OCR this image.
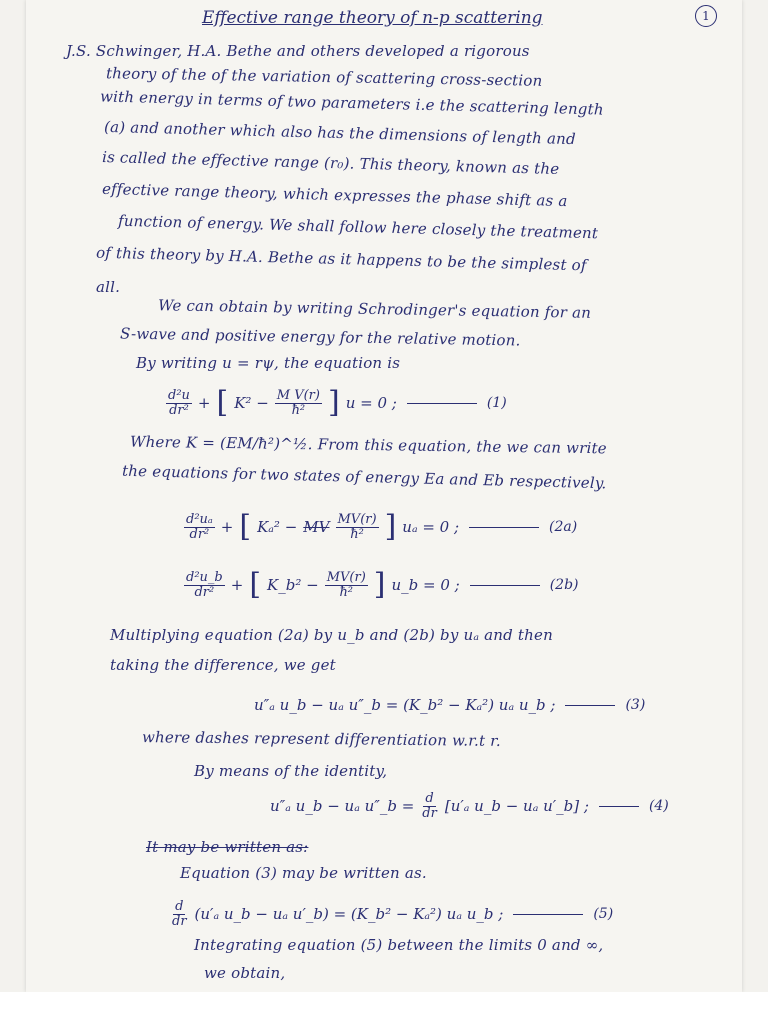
Effective range theory of n-p scattering	1
J.S. Schwinger, H.A. Bethe and others developed a rigorous
theory of the of the variation of scattering cross-section
with energy in terms of two parameters i.e the scattering length
(a) and another which also has the dimensions of length and
is called the effective range (r₀). This theory, known as the
effective range theory, which expresses the phase shift as a
function of energy. We shall follow here closely the treatment
of this theory by H.A. Bethe as it happens to be the simplest of
all.
We can obtain by writing Schrodinger's equation for an
S-wave and positive energy for the relative motion.
By writing u = rψ, the equation is
$\frac{\text{d²u}}{\text{dr²}}$ + [ $K^2 - \frac{\text{M V(r)}}{\text{ħ²}}$ ] u = 0 ;	(1)
Where K = (EM/ħ²)^½. From this equation, the we can write
the equations for two states of energy Ea and Eb respectively.
$\frac{\text{d²uₐ}}{\text{dr²}}$ + [ Kₐ² − MV $\frac{MV(r)}{\text{ħ²}}$ ] uₐ = 0 ;	(2a)
$\frac{\text{d²u\_b}}{\text{dr²}}$ + [ K_b² − $\frac{MV(r)}{\text{ħ²}}$ ] u_b = 0 ;	(2b)
Multiplying equation (2a) by u_b and (2b) by uₐ and then
taking the difference, we get
u″ₐ u_b − uₐ u″_b = (K_b² − Kₐ²) uₐ u_b ;	(3)
where dashes represent differentiation w.r.t r.
By means of the identity,
u″ₐ u_b − uₐ u″_b = $\frac{d}{dr} [u'_a$ u_b − uₐ u′_b] ;	(4)
It may be written as:
Equation (3) may be written as.
$\frac{d}{dr} (u'_a$ u_b − uₐ u′_b) = (K_b² − Kₐ²) uₐ u_b ;	(5)
Integrating equation (5) between the limits 0 and ∞,
we obtain,
